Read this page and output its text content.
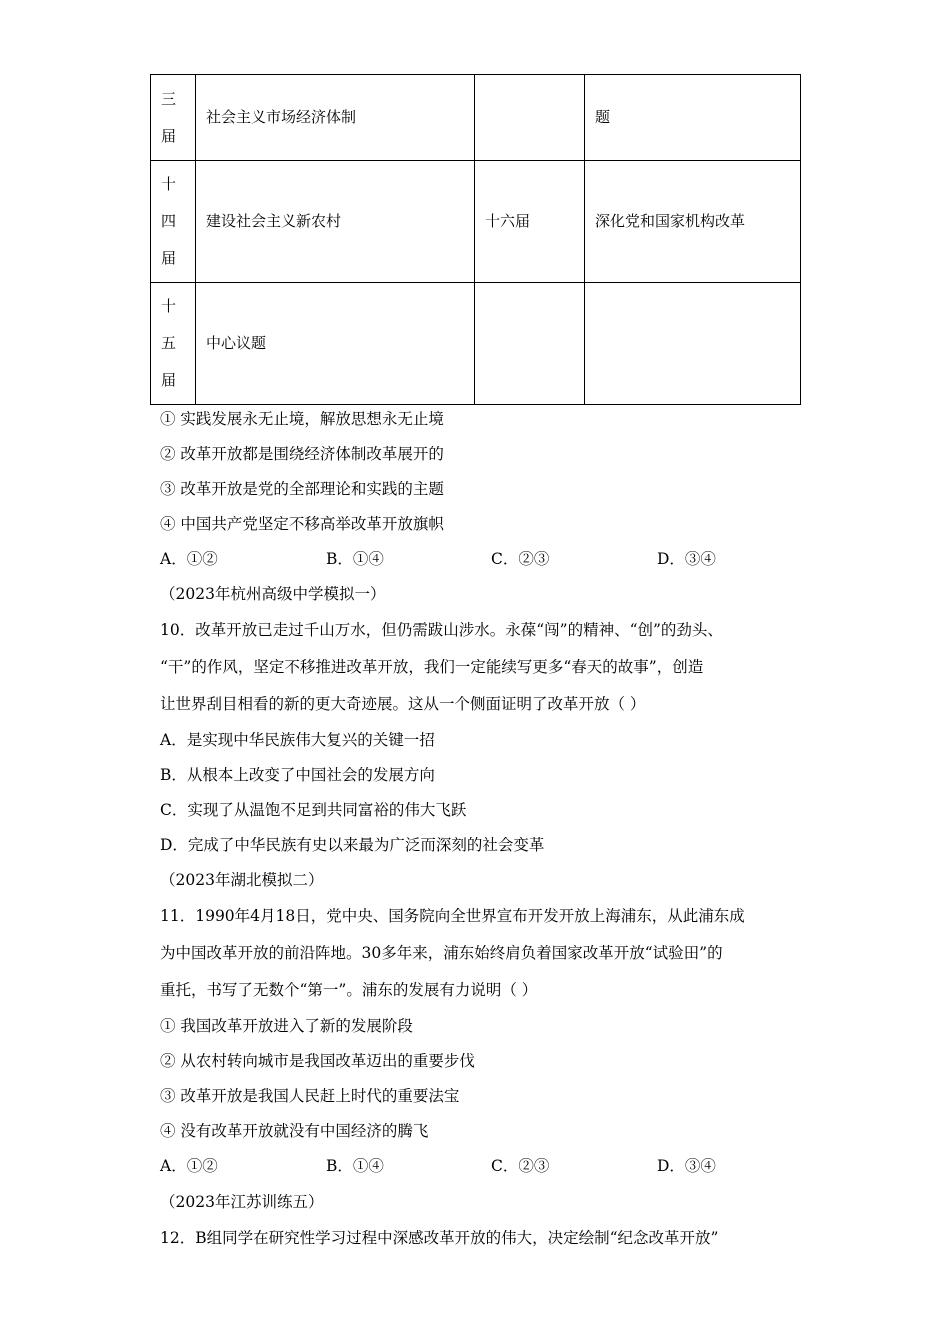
三
届	社会主义市场经济体制		题

十
四
届	建设社会主义新农村	十六届	深化党和国家机构改革

十
五
届	中心议题		
① 实践发展永无止境，解放思想永无止境
② 改革开放都是围绕经济体制改革展开的
③ 改革开放是党的全部理论和实践的主题
④ 中国共产党坚定不移高举改革开放旗帜
A．①②	B．①④	C．②③	D．③④
（2023年杭州高级中学模拟一）
10．改革开放已走过千山万水，但仍需跋山涉水。永葆“闯”的精神、“创”的劲头、
“干”的作风，坚定不移推进改革开放，我们一定能续写更多“春天的故事”，创造
让世界刮目相看的新的更大奇迹展。这从一个侧面证明了改革开放（ ）
A．是实现中华民族伟大复兴的关键一招
B．从根本上改变了中国社会的发展方向
C．实现了从温饱不足到共同富裕的伟大飞跃
D．完成了中华民族有史以来最为广泛而深刻的社会变革
（2023年湖北模拟二）
11．1990年4月18日，党中央、国务院向全世界宣布开发开放上海浦东，从此浦东成
为中国改革开放的前沿阵地。30多年来，浦东始终肩负着国家改革开放“试验田”的
重托，书写了无数个“第一”。浦东的发展有力说明（ ）
① 我国改革开放进入了新的发展阶段
② 从农村转向城市是我国改革迈出的重要步伐
③ 改革开放是我国人民赶上时代的重要法宝
④ 没有改革开放就没有中国经济的腾飞
A．①②	B．①④	C．②③	D．③④
（2023年江苏训练五）
12．B组同学在研究性学习过程中深感改革开放的伟大，决定绘制“纪念改革开放”
